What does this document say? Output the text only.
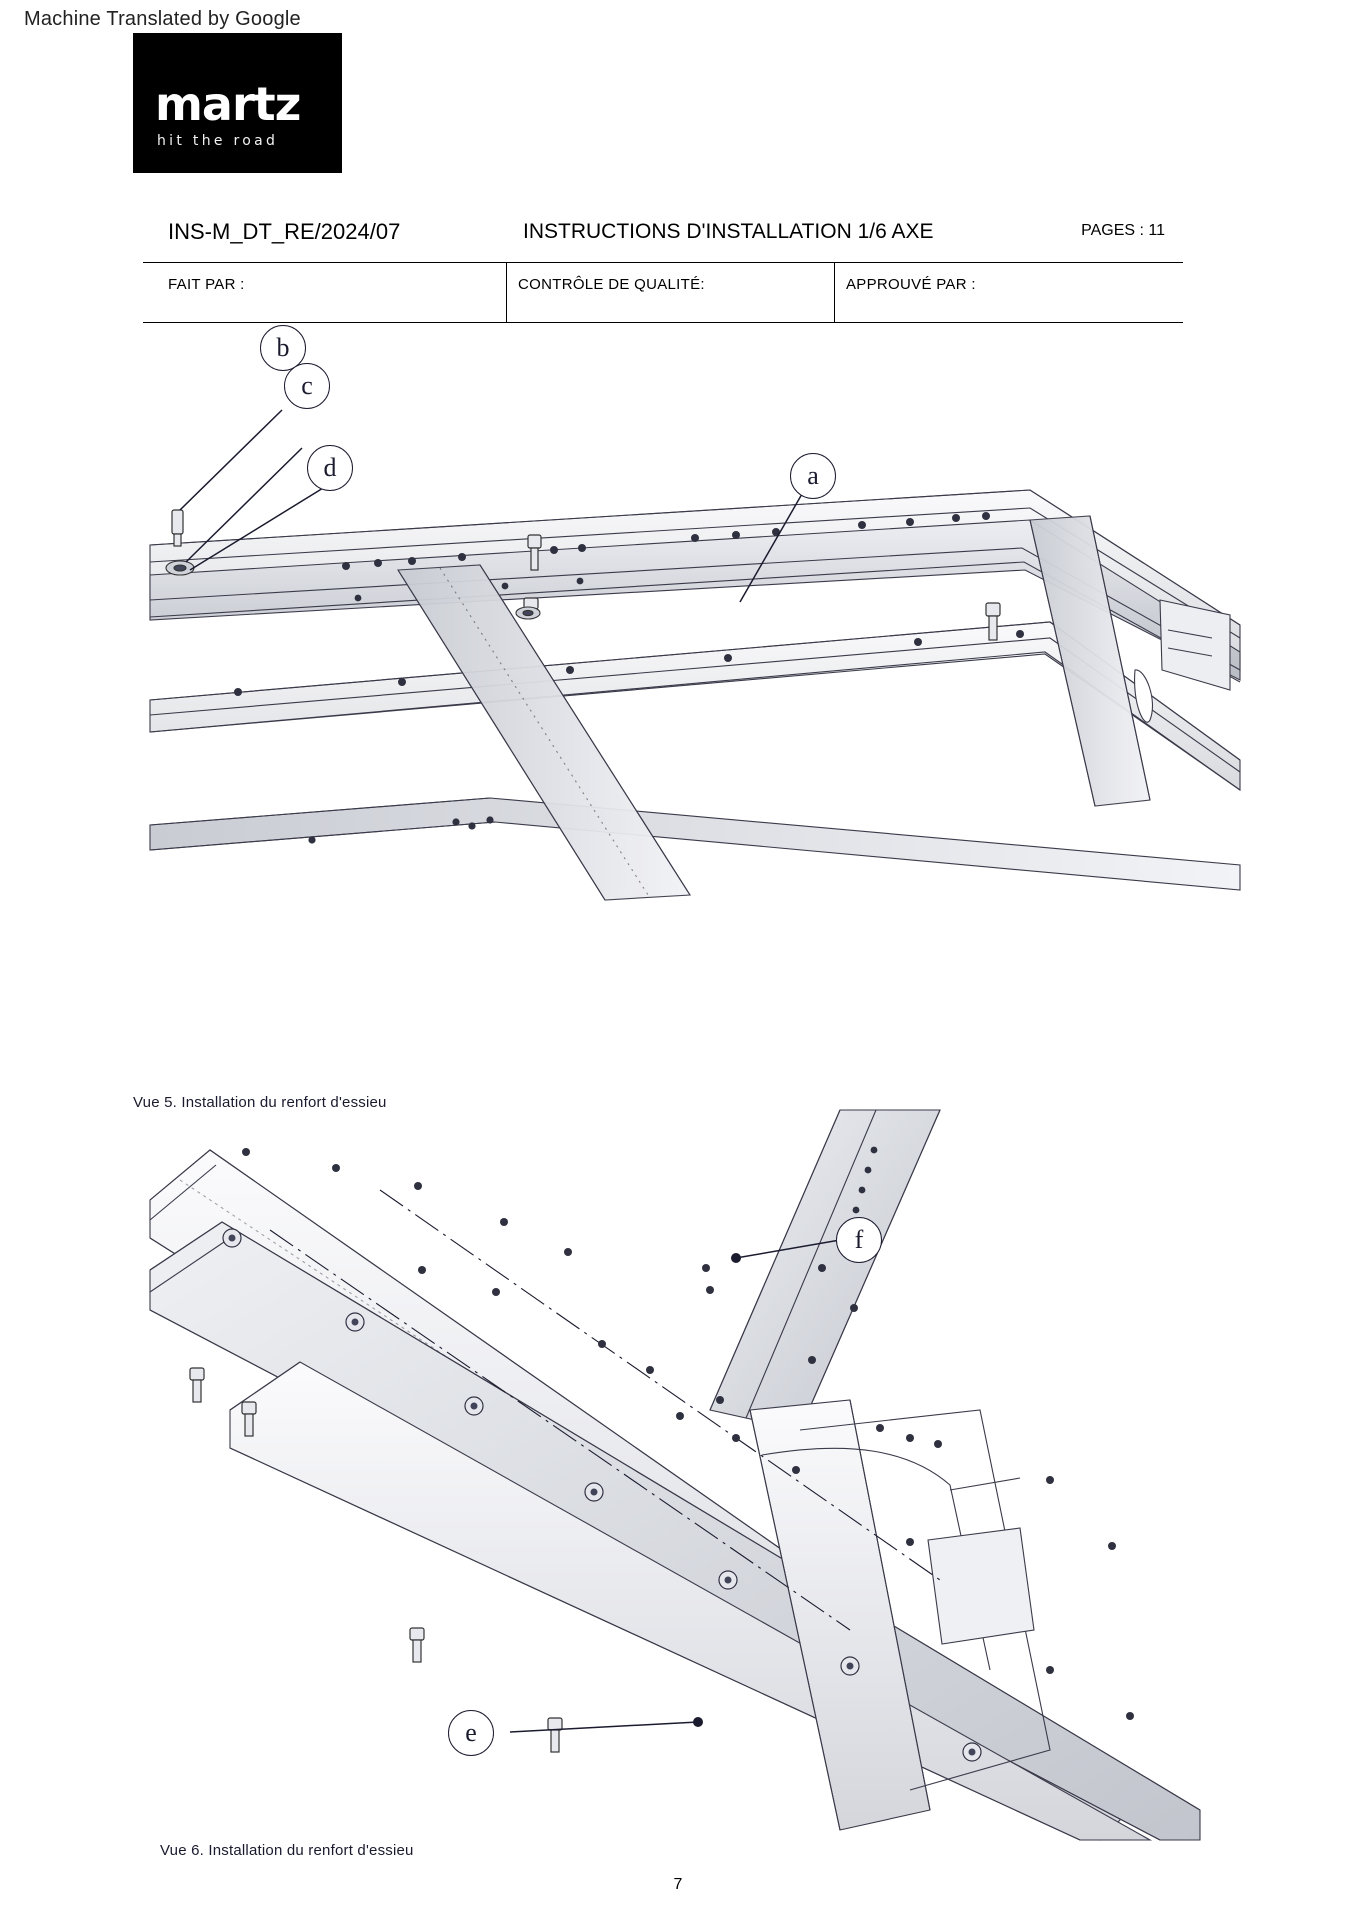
Machine Translated by Google
martz
hit the road
INS-M_DT_RE/2024/07	INSTRUCTIONS D'INSTALLATION 1/6 AXE	PAGES : 11
FAIT PAR :	CONTRÔLE DE QUALITÉ:	APPROUVÉ PAR :
b
c
d	a
Vue 5. Installation du renfort d'essieu
f
e
Vue 6. Installation du renfort d'essieu
7
